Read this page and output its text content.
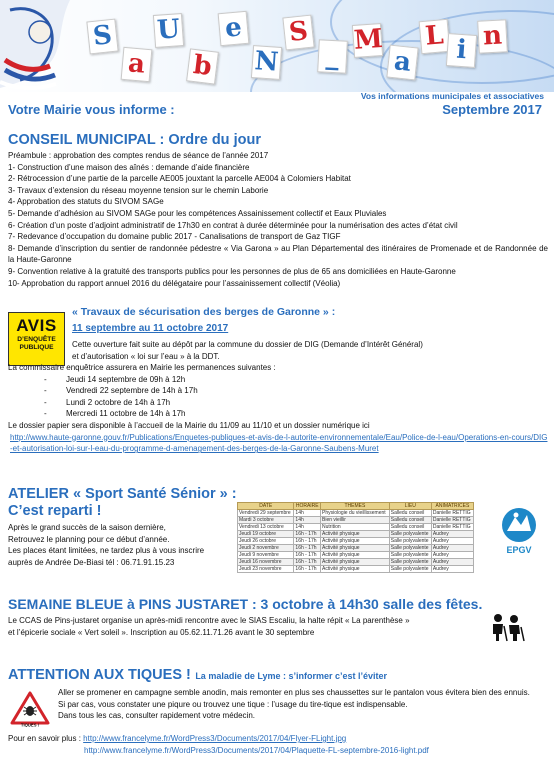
S
a
U
b
e
N
S
_
M
a
L i n
Vos informations municipales et associatives
Votre Mairie vous informe :	Septembre 2017
CONSEIL MUNICIPAL : Ordre du jour

Préambule : approbation des comptes rendus de séance de l’année 2017

1- Construction d’une maison des aînés : demande d’aide financière

2- Rétrocession d’une partie de la parcelle AE005 jouxtant la parcelle AE004 à Colomiers Habitat

3- Travaux d’extension du réseau moyenne tension sur le chemin Laborie

4- Approbation des statuts du SIVOM SAGe

5- Demande d’adhésion au SIVOM SAGe pour les compétences Assainissement collectif et Eaux Pluviales

6- Création d’un poste d’adjoint administratif de 17h30 en contrat à durée déterminée pour la numérisation des actes d’état civil

7- Redevance d’occupation du domaine public 2017 - Canalisations de transport de Gaz TIGF

8- Demande d’inscription du sentier de randonnée pédestre « Via Garona » au Plan Départemental des itinéraires de Promenade et de Randonnée de la Haute-Garonne

9- Convention relative à la gratuité des transports publics pour les personnes de plus de 65 ans domiciliées en Haute-Garonne

10- Approbation du rapport annuel 2016 du délégataire pour l’assainissement collectif (Véolia)

AVIS
D’ENQUÊTE PUBLIQUE
« Travaux de sécurisation des berges de Garonne » :
11 septembre au 11 octobre 2017

Cette ouverture fait suite au dépôt par la commune du dossier de DIG (Demande d’Intérêt Général)

et d’autorisation « loi sur l’eau » à la DDT.

La commissaire enquêtrice assurera en Mairie les permanences suivantes :

- Jeudi 14 septembre de 09h à 12h

- Vendredi 22 septembre de 14h à 17h

- Lundi 2 octobre de 14h à 17h

- Mercredi 11 octobre de 14h à 17h

Le dossier papier sera disponible à l’accueil de la Mairie du 11/09 au 11/10 et un dossier numérique ici

http://www.haute-garonne.gouv.fr/Publications/Enquetes-publiques-et-avis-de-l-autorite-environnementale/Eau/Police-de-l-eau/Operations-en-cours/DIG-et-autorisation-loi-sur-l-eau-du-programme-d-amenagement-des-berges-de-la-Garonne-Saubens-Muret

ATELIER « Sport Santé Sénior » :
C’est reparti !

Après le grand succès de la saison dernière,

Retrouvez le planning pour ce début d’année.

Les places étant limitées, ne tardez plus à vous inscrire

auprès de Andrée De-Biasi tél : 06.71.91.15.23

DATE	HORAIRE	THEMES	LIEU	ANIMATRICES
Vendredi 29 septembre	14h	Physiologie du vieillissement	Salledu conseil	Danielle RETTIG
Mardi 3 octobre	14h	Bien vieillir	Salledu conseil	Danielle RETTIG
Vendredi 13 octobre	14h	Nutrition	Salledu conseil	Danielle RETTIG
Jeudi 19 octobre	16h - 17h	Activité physique	Salle polyvalente	Audrey
Jeudi 26 octobre	16h - 17h	Activité physique	Salle polyvalente	Audrey
Jeudi 2 novembre	16h - 17h	Activité physique	Salle polyvalente	Audrey
Jeudi 9 novembre	16h - 17h	Activité physique	Salle polyvalente	Audrey
Jeudi 16 novembre	16h - 17h	Activité physique	Salle polyvalente	Audrey
Jeudi 23 novembre	16h - 17h	Activité physique	Salle polyvalente	Audrey
EPGV
SEMAINE BLEUE à PINS JUSTARET : 3 octobre à 14h30 salle des fêtes.

Le CCAS de Pins-justaret organise un après-midi rencontre avec le SIAS Escaliu, la halte répit « La parenthèse »

et l’épicerie sociale « Vert soleil ». Inscription au 05.62.11.71.26 avant le 30 septembre

ATTENTION AUX TIQUES ! La maladie de Lyme : s’informer c’est l’éviter
TIQUES !

Aller se promener en campagne semble anodin, mais remonter en plus ses chaussettes sur le pantalon vous évitera bien des ennuis.

Si par cas, vous constater une piqure ou trouvez une tique : l’usage du tire-tique est indispensable.

Dans tous les cas, consulter rapidement votre médecin.

Pour en savoir plus : http://www.francelyme.fr/WordPress3/Documents/2017/04/Flyer-FLight.jpg

http://www.francelyme.fr/WordPress3/Documents/2017/04/Plaquette-FL-septembre-2016-light.pdf
